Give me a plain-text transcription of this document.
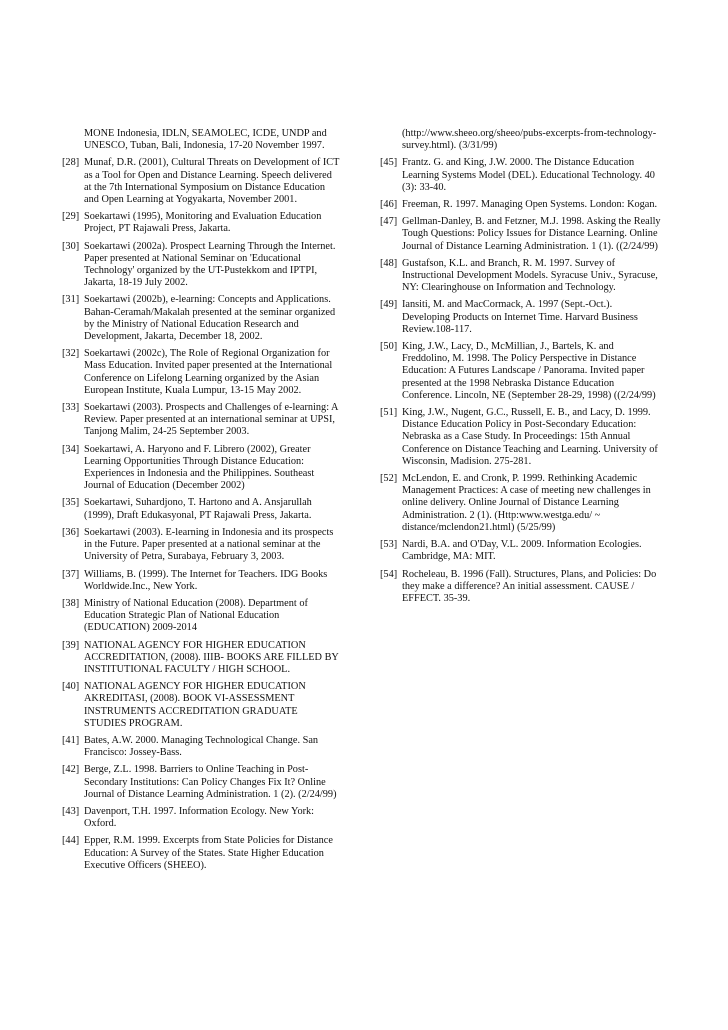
MONE Indonesia, IDLN, SEAMOLEC, ICDE, UNDP and UNESCO, Tuban, Bali, Indonesia, 17-20 November 1997.
[28] Munaf, D.R. (2001), Cultural Threats on Development of ICT as a Tool for Open and Distance Learning. Speech delivered at the 7th International Symposium on Distance Education and Open Learning at Yogyakarta, November 2001.
[29] Soekartawi (1995), Monitoring and Evaluation Education Project, PT Rajawali Press, Jakarta.
[30] Soekartawi (2002a). Prospect Learning Through the Internet. Paper presented at National Seminar on 'Educational Technology' organized by the UT-Pustekkom and IPTPI, Jakarta, 18-19 July 2002.
[31] Soekartawi (2002b), e-learning: Concepts and Applications. Bahan-Ceramah/Makalah presented at the seminar organized by the Ministry of National Education Research and Development, Jakarta, December 18, 2002.
[32] Soekartawi (2002c), The Role of Regional Organization for Mass Education. Invited paper presented at the International Conference on Lifelong Learning organized by the Asian European Institute, Kuala Lumpur, 13-15 May 2002.
[33] Soekartawi (2003). Prospects and Challenges of e-learning: A Review. Paper presented at an international seminar at UPSI, Tanjong Malim, 24-25 September 2003.
[34] Soekartawi, A. Haryono and F. Librero (2002), Greater Learning Opportunities Through Distance Education: Experiences in Indonesia and the Philippines. Southeast Journal of Education (December 2002)
[35] Soekartawi, Suhardjono, T. Hartono and A. Ansjarullah (1999), Draft Edukasyonal, PT Rajawali Press, Jakarta.
[36] Soekartawi (2003). E-learning in Indonesia and its prospects in the Future. Paper presented at a national seminar at the University of Petra, Surabaya, February 3, 2003.
[37] Williams, B. (1999). The Internet for Teachers. IDG Books Worldwide.Inc., New York.
[38] Ministry of National Education (2008). Department of Education Strategic Plan of National Education (EDUCATION) 2009-2014
[39] NATIONAL AGENCY FOR HIGHER EDUCATION ACCREDITATION, (2008). IIIB- BOOKS ARE FILLED BY INSTITUTIONAL FACULTY / HIGH SCHOOL.
[40] NATIONAL AGENCY FOR HIGHER EDUCATION AKREDITASI, (2008). BOOK VI-ASSESSMENT INSTRUMENTS ACCREDITATION GRADUATE STUDIES PROGRAM.
[41] Bates, A.W. 2000. Managing Technological Change. San Francisco: Jossey-Bass.
[42] Berge, Z.L. 1998. Barriers to Online Teaching in Post-Secondary Institutions: Can Policy Changes Fix It? Online Journal of Distance Learning Administration. 1 (2). (2/24/99)
[43] Davenport, T.H. 1997. Information Ecology. New York: Oxford.
[44] Epper, R.M. 1999. Excerpts from State Policies for Distance Education: A Survey of the States. State Higher Education Executive Officers (SHEEO).
(http://www.sheeo.org/sheeo/pubs-excerpts-from-technology-survey.html). (3/31/99)
[45] Frantz. G. and King, J.W. 2000. The Distance Education Learning Systems Model (DEL). Educational Technology. 40 (3): 33-40.
[46] Freeman, R. 1997. Managing Open Systems. London: Kogan.
[47] Gellman-Danley, B. and Fetzner, M.J. 1998. Asking the Really Tough Questions: Policy Issues for Distance Learning. Online Journal of Distance Learning Administration. 1 (1). ((2/24/99)
[48] Gustafson, K.L. and Branch, R. M. 1997. Survey of Instructional Development Models. Syracuse Univ., Syracuse, NY: Clearinghouse on Information and Technology.
[49] Iansiti, M. and MacCormack, A. 1997 (Sept.-Oct.). Developing Products on Internet Time. Harvard Business Review.108-117.
[50] King, J.W., Lacy, D., McMillian, J., Bartels, K. and Freddolino, M. 1998. The Policy Perspective in Distance Education: A Futures Landscape / Panorama. Invited paper presented at the 1998 Nebraska Distance Education Conference. Lincoln, NE (September 28-29, 1998) ((2/24/99)
[51] King, J.W., Nugent, G.C., Russell, E. B., and Lacy, D. 1999. Distance Education Policy in Post-Secondary Education: Nebraska as a Case Study. In Proceedings: 15th Annual Conference on Distance Teaching and Learning. University of Wisconsin, Madision. 275-281.
[52] McLendon, E. and Cronk, P. 1999. Rethinking Academic Management Practices: A case of meeting new challenges in online delivery. Online Journal of Distance Learning Administration. 2 (1). (Http:www.westga.edu/ ~ distance/mclendon21.html) (5/25/99)
[53] Nardi, B.A. and O'Day, V.L. 2009. Information Ecologies. Cambridge, MA: MIT.
[54] Rocheleau, B. 1996 (Fall). Structures, Plans, and Policies: Do they make a difference? An initial assessment. CAUSE / EFFECT. 35-39.
